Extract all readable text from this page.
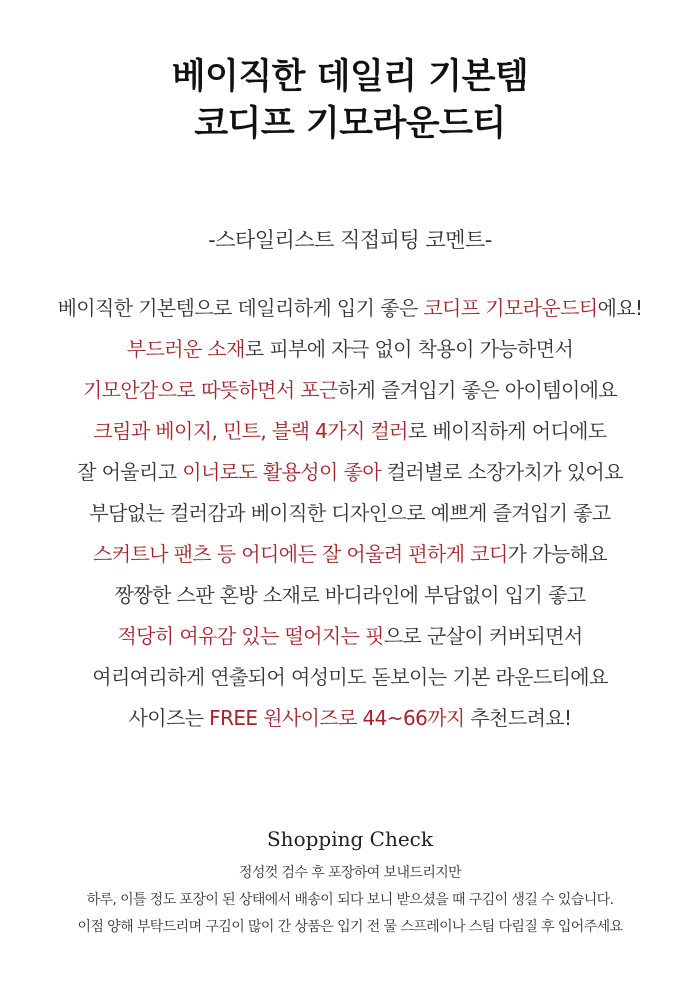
베이직한 데일리 기본템
코디프 기모라운드티
-스타일리스트 직접피팅 코멘트-
베이직한 기본템으로 데일리하게 입기 좋은 코디프 기모라운드티에요!
부드러운 소재로 피부에 자극 없이 착용이 가능하면서
기모안감으로 따뜻하면서 포근하게 즐겨입기 좋은 아이템이에요
크림과 베이지, 민트, 블랙 4가지 컬러로 베이직하게 어디에도
잘 어울리고 이너로도 활용성이 좋아 컬러별로 소장가치가 있어요
부담없는 컬러감과 베이직한 디자인으로 예쁘게 즐겨입기 좋고
스커트나 팬츠 등 어디에든 잘 어울려 편하게 코디가 가능해요
짱짱한 스판 혼방 소재로 바디라인에 부담없이 입기 좋고
적당히 여유감 있는 떨어지는 핏으로 군살이 커버되면서
여리여리하게 연출되어 여성미도 돋보이는 기본 라운드티에요
사이즈는 FREE 원사이즈로 44~66까지 추천드려요!
Shopping Check
정성껏 검수 후 포장하여 보내드리지만
하루, 이틀 정도 포장이 된 상태에서 배송이 되다 보니 받으셨을 때 구김이 생길 수 있습니다.
이점 양해 부탁드리며 구김이 많이 간 상품은 입기 전 물 스프레이나 스팀 다림질 후 입어주세요
